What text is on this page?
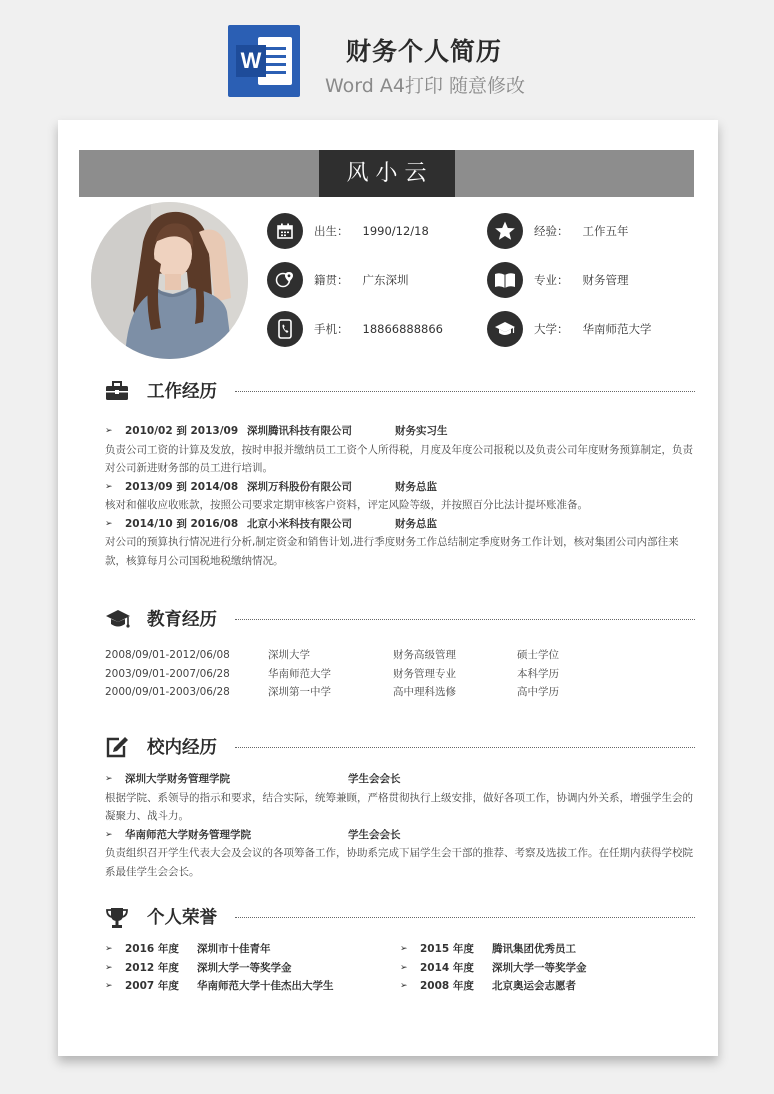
W	财务个人简历
Word A4打印 随意修改
风小云
出生： 1990/12/18	经验： 工作五年
籍贯： 广东深圳	专业： 财务管理
手机： 18866888866	大学： 华南师范大学
工作经历
➢	2010/02 到 2013/09 深圳腾讯科技有限公司	财务实习生
负责公司工资的计算及发放，按时申报并缴纳员工工资个人所得税，月度及年度公司报税以及负责公司年度财务预算制定，负责对公司新进财务部的员工进行培训。
➢	2013/09 到 2014/08 深圳万科股份有限公司	财务总监
核对和催收应收账款，按照公司要求定期审核客户资料，评定风险等级，并按照百分比法计提坏账准备。
➢	2014/10 到 2016/08 北京小米科技有限公司	财务总监
对公司的预算执行情况进行分析,制定资金和销售计划,进行季度财务工作总结制定季度财务工作计划，核对集团公司内部往来款，核算每月公司国税地税缴纳情况。
教育经历
2008/09/01-2012/06/08	深圳大学	财务高级管理	硕士学位
2003/09/01-2007/06/28	华南师范大学	财务管理专业	本科学历
2000/09/01-2003/06/28	深圳第一中学	高中理科选修	高中学历
校内经历
➢	深圳大学财务管理学院	学生会会长
根据学院、系领导的指示和要求，结合实际，统筹兼顾，严格贯彻执行上级安排，做好各项工作，协调内外关系，增强学生会的凝聚力、战斗力。
➢	华南师范大学财务管理学院	学生会会长
负责组织召开学生代表大会及会议的各项筹备工作，协助系完成下届学生会干部的推荐、考察及选拔工作。在任期内获得学校院系最佳学生会会长。
个人荣誉
➢	2016 年度	深圳市十佳青年
➢	2012 年度	深圳大学一等奖学金
➢	2007 年度	华南师范大学十佳杰出大学生
➢	2015 年度	腾讯集团优秀员工
➢	2014 年度	深圳大学一等奖学金
➢	2008 年度	北京奥运会志愿者
